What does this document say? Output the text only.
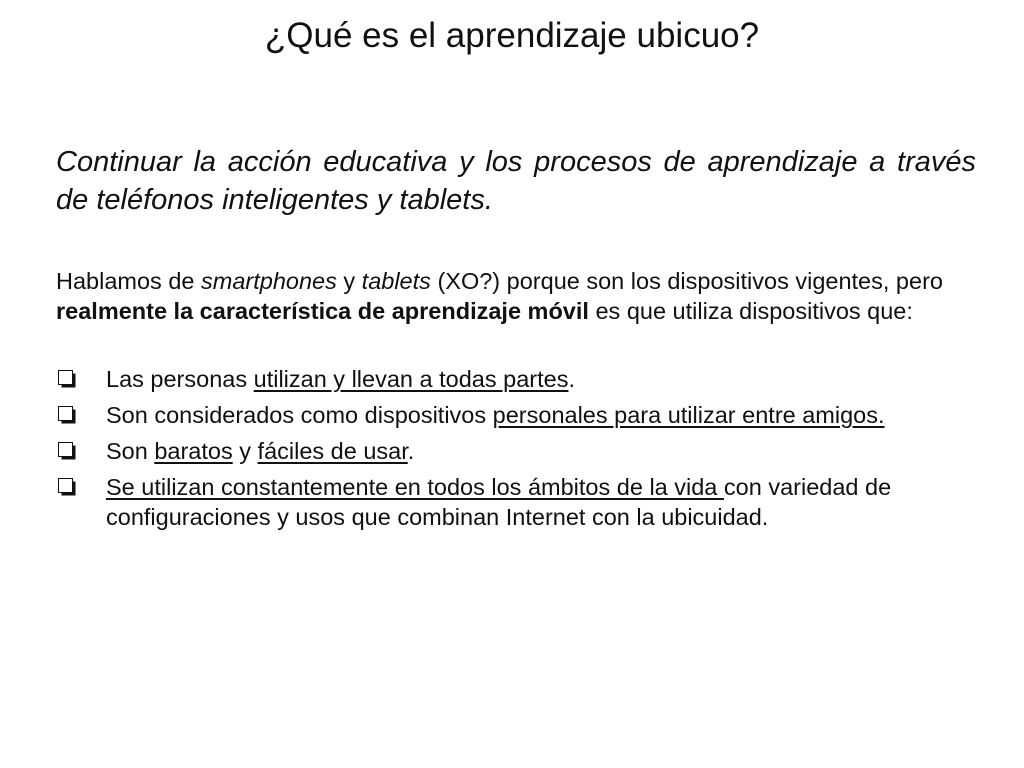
¿Qué es el aprendizaje ubicuo?
Continuar la acción educativa y los procesos de aprendizaje a través de teléfonos inteligentes y tablets.
Hablamos de smartphones y tablets (XO?) porque son los dispositivos vigentes, pero realmente la característica de aprendizaje móvil es que utiliza dispositivos que:
Las personas utilizan y llevan a todas partes.
Son considerados como dispositivos personales para utilizar entre amigos.
Son baratos y fáciles de usar.
Se utilizan constantemente en todos los ámbitos de la vida con variedad de configuraciones y usos que combinan Internet con la ubicuidad.
